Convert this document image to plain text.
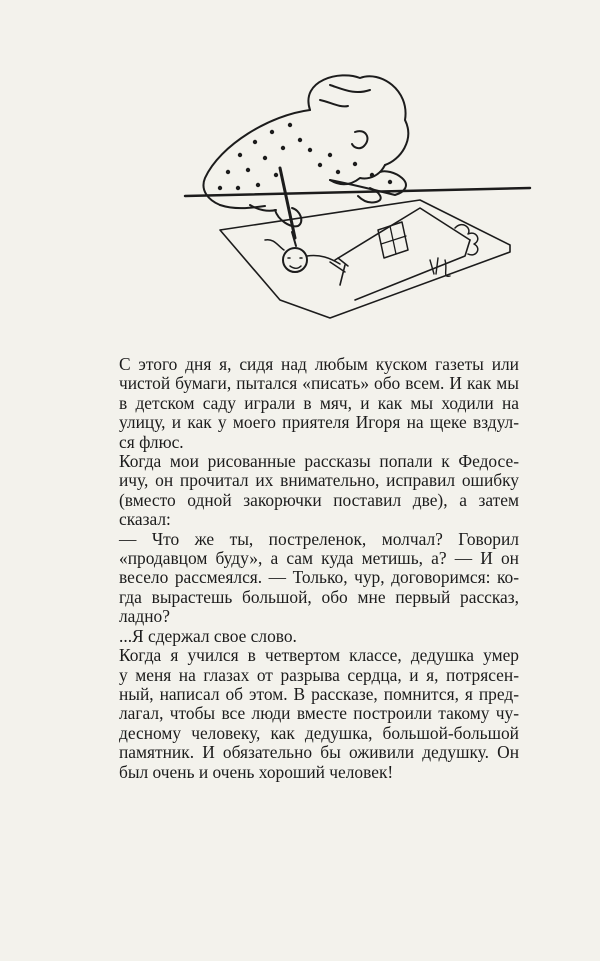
С этого дня я, сидя над любым куском газеты или
чистой бумаги, пытался «писать» обо всем. И как мы
в детском саду играли в мяч, и как мы ходили на
улицу, и как у моего приятеля Игоря на щеке вздул-
ся флюс.
Когда мои рисованные рассказы попали к Федосе-
ичу, он прочитал их внимательно, исправил ошибку
(вместо одной закорючки поставил две), а затем
сказал:
— Что же ты, постреленок, молчал? Говорил
«продавцом буду», а сам куда метишь, а? — И он
весело рассмеялся. — Только, чур, договоримся: ко-
гда вырастешь большой, обо мне первый рассказ,
ладно?
...Я сдержал свое слово.
Когда я учился в четвертом классе, дедушка умер
у меня на глазах от разрыва сердца, и я, потрясен-
ный, написал об этом. В рассказе, помнится, я пред-
лагал, чтобы все люди вместе построили такому чу-
десному человеку, как дедушка, большой-большой
памятник. И обязательно бы оживили дедушку. Он
был очень и очень хороший человек!
